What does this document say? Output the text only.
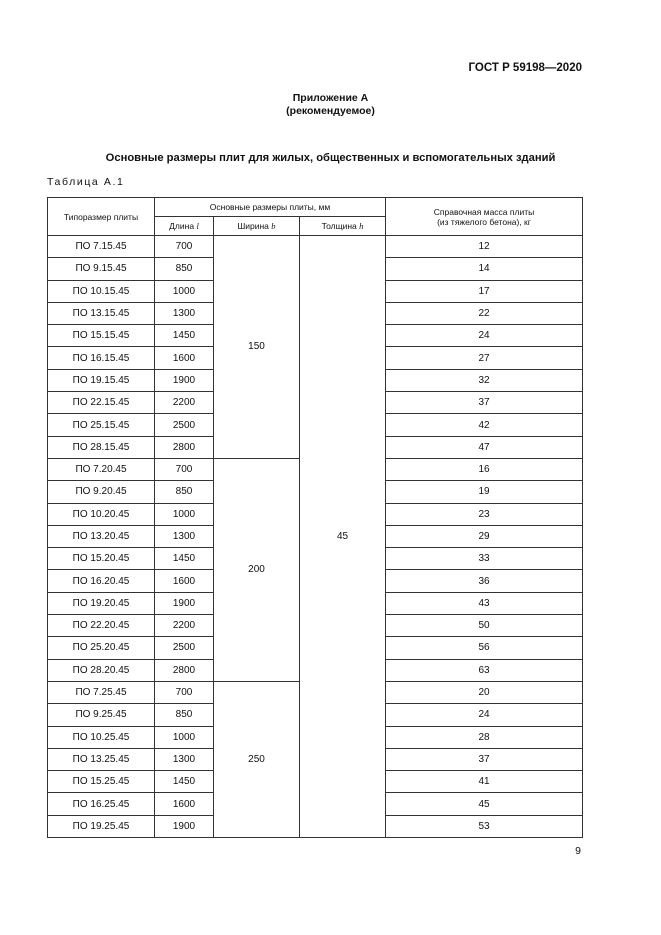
ГОСТ Р 59198—2020
Приложение А
(рекомендуемое)
Основные размеры плит для жилых, общественных и вспомогательных зданий
Таблица А.1
Типоразмер плиты	Основные размеры плиты, мм			Справочная масса плиты
(из тяжелого бетона), кг

	Длина l	Ширина b	Толщина h	
ПО 7.15.45	700	150	45	12
ПО 9.15.45	850			14
ПО 10.15.45	1000			17
ПО 13.15.45	1300			22
ПО 15.15.45	1450			24
ПО 16.15.45	1600			27
ПО 19.15.45	1900			32
ПО 22.15.45	2200			37
ПО 25.15.45	2500			42
ПО 28.15.45	2800			47
ПО 7.20.45	700	200		16
ПО 9.20.45	850			19
ПО 10.20.45	1000			23
ПО 13.20.45	1300			29
ПО 15.20.45	1450			33
ПО 16.20.45	1600			36
ПО 19.20.45	1900			43
ПО 22.20.45	2200			50
ПО 25.20.45	2500			56
ПО 28.20.45	2800			63
ПО 7.25.45	700	250		20
ПО 9.25.45	850			24
ПО 10.25.45	1000			28
ПО 13.25.45	1300			37
ПО 15.25.45	1450			41
ПО 16.25.45	1600			45
ПО 19.25.45	1900			53
9
